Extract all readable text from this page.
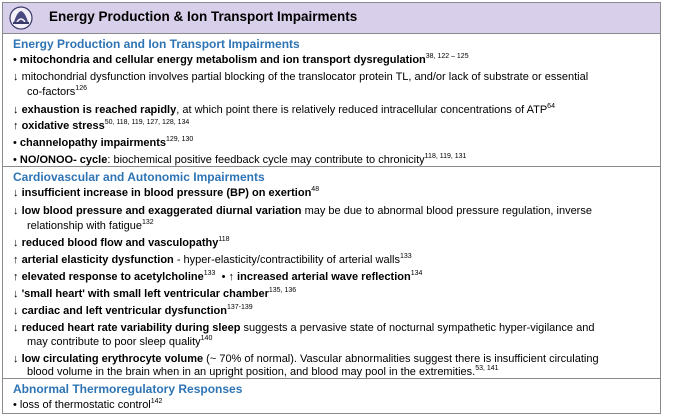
Energy Production & Ion Transport Impairments
Energy Production and Ion Transport Impairments
• mitochondria and cellular energy metabolism and ion transport dysregulation$^{38, 122 - 125}$
↓ mitochondrial dysfunction involves partial blocking of the translocator protein TL, and/or lack of substrate or essential
co-factors$^{126}$
↓ exhaustion is reached rapidly, at which point there is relatively reduced intracellular concentrations of ATP$^{64}$
↑ oxidative stress$^{50, 118, 119, 127, 128, 134}$
• channelopathy impairments$^{129, 130}$
• NO/ONOO- cycle: biochemical positive feedback cycle may contribute to chronicity$^{118, 119, 131}$
Cardiovascular and Autonomic Impairments
↓ insufficient increase in blood pressure (BP) on exertion$^{48}$
↓ low blood pressure and exaggerated diurnal variation may be due to abnormal blood pressure regulation, inverse
relationship with fatigue$^{132}$
↓ reduced blood flow and vasculopathy$^{118}$
↑ arterial elasticity dysfunction - hyper-elasticity/contractibility of arterial walls$^{133}$
↑ elevated response to acetylcholine$^{133}$ • ↑ increased arterial wave reflection$^{134}$
↓ 'small heart' with small left ventricular chamber$^{135, 136}$
↓ cardiac and left ventricular dysfunction$^{137-139}$
↓ reduced heart rate variability during sleep suggests a pervasive state of nocturnal sympathetic hyper-vigilance and
may contribute to poor sleep quality$^{140}$
↓ low circulating erythrocyte volume (~ 70% of normal). Vascular abnormalities suggest there is insufficient circulating
blood volume in the brain when in an upright position, and blood may pool in the extremities.$^{53, 141}$
Abnormal Thermoregulatory Responses
• loss of thermostatic control$^{142}$
